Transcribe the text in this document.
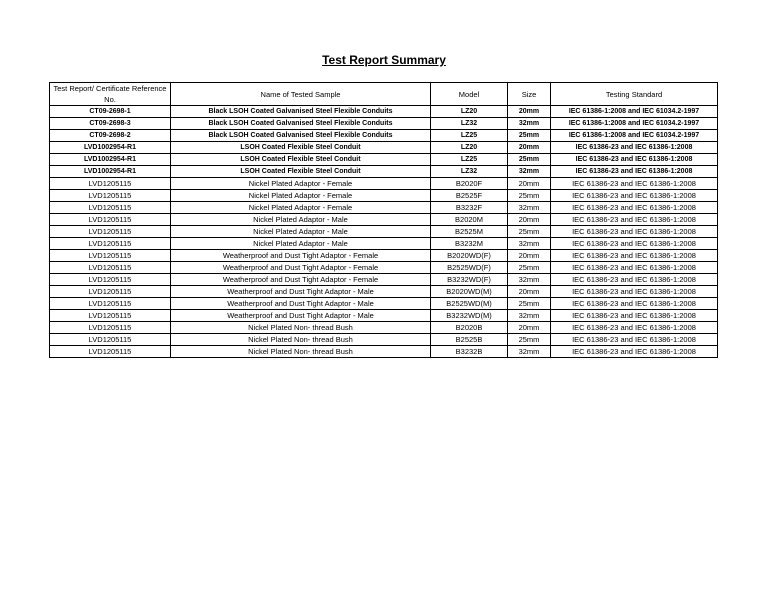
Test Report Summary
Test Report/ Certificate Reference No.	Name of Tested Sample	Model	Size	Testing Standard
CT09-2698-1	Black LSOH Coated Galvanised Steel Flexible Conduits	LZ20	20mm	IEC 61386-1:2008 and IEC 61034.2-1997
CT09-2698-3	Black LSOH Coated Galvanised Steel Flexible Conduits	LZ32	32mm	IEC 61386-1:2008 and IEC 61034.2-1997
CT09-2698-2	Black LSOH Coated Galvanised Steel Flexible Conduits	LZ25	25mm	IEC 61386-1:2008 and IEC 61034.2-1997
LVD1002954-R1	LSOH Coated Flexible Steel Conduit	LZ20	20mm	IEC 61386-23 and IEC 61386-1:2008
LVD1002954-R1	LSOH Coated Flexible Steel Conduit	LZ25	25mm	IEC 61386-23 and IEC 61386-1:2008
LVD1002954-R1	LSOH Coated Flexible Steel Conduit	LZ32	32mm	IEC 61386-23 and IEC 61386-1:2008
LVD1205115	Nickel Plated Adaptor - Female	B2020F	20mm	IEC 61386-23 and IEC 61386-1:2008
LVD1205115	Nickel Plated Adaptor - Female	B2525F	25mm	IEC 61386-23 and IEC 61386-1:2008
LVD1205115	Nickel Plated Adaptor - Female	B3232F	32mm	IEC 61386-23 and IEC 61386-1:2008
LVD1205115	Nickel Plated Adaptor - Male	B2020M	20mm	IEC 61386-23 and IEC 61386-1:2008
LVD1205115	Nickel Plated Adaptor - Male	B2525M	25mm	IEC 61386-23 and IEC 61386-1:2008
LVD1205115	Nickel Plated Adaptor - Male	B3232M	32mm	IEC 61386-23 and IEC 61386-1:2008
LVD1205115	Weatherproof and Dust Tight Adaptor - Female	B2020WD(F)	20mm	IEC 61386-23 and IEC 61386-1:2008
LVD1205115	Weatherproof and Dust Tight Adaptor - Female	B2525WD(F)	25mm	IEC 61386-23 and IEC 61386-1:2008
LVD1205115	Weatherproof and Dust Tight Adaptor - Female	B3232WD(F)	32mm	IEC 61386-23 and IEC 61386-1:2008
LVD1205115	Weatherproof and Dust Tight Adaptor - Male	B2020WD(M)	20mm	IEC 61386-23 and IEC 61386-1:2008
LVD1205115	Weatherproof and Dust Tight Adaptor - Male	B2525WD(M)	25mm	IEC 61386-23 and IEC 61386-1:2008
LVD1205115	Weatherproof and Dust Tight Adaptor - Male	B3232WD(M)	32mm	IEC 61386-23 and IEC 61386-1:2008
LVD1205115	Nickel Plated Non- thread Bush	B2020B	20mm	IEC 61386-23 and IEC 61386-1:2008
LVD1205115	Nickel Plated Non- thread Bush	B2525B	25mm	IEC 61386-23 and IEC 61386-1:2008
LVD1205115	Nickel Plated Non- thread Bush	B3232B	32mm	IEC 61386-23 and IEC 61386-1:2008
